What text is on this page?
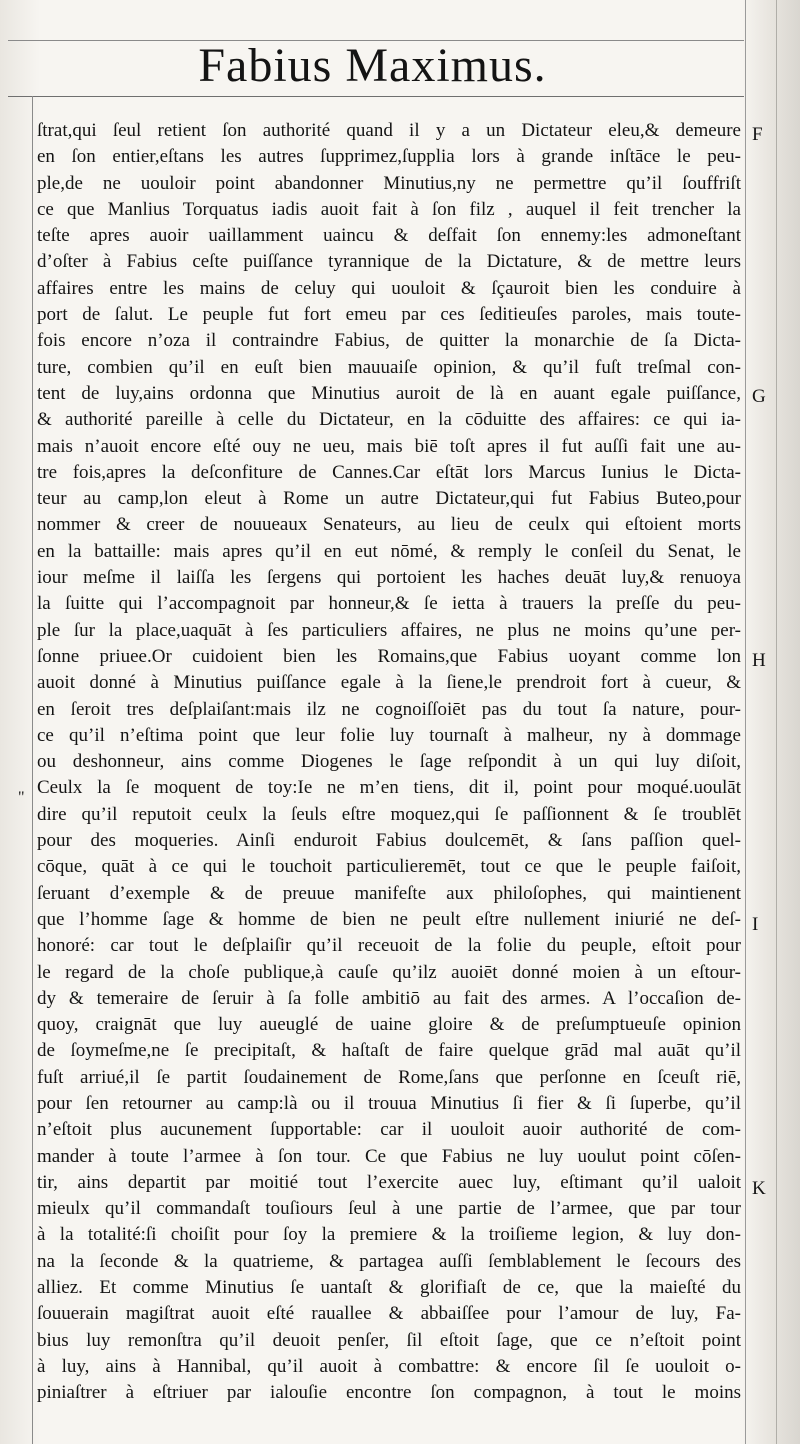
Fabius Maximus.
ſtrat,qui ſeul retient ſon authorité quand il y a un Dictateur eleu,& demeure
en ſon entier,eſtans les autres ſupprimez,ſupplia lors à grande inſtāce le peu-
ple,de ne uouloir point abandonner Minutius,ny ne permettre qu’il ſouffriſt
ce que Manlius Torquatus iadis auoit fait à ſon filz , auquel il feit trencher la
teſte apres auoir uaillamment uaincu & deſfait ſon ennemy:les admoneſtant
d’oſter à Fabius ceſte puiſſance tyrannique de la Dictature, & de mettre leurs
affaires entre les mains de celuy qui uouloit & ſçauroit bien les conduire à
port de ſalut. Le peuple fut fort emeu par ces ſeditieuſes paroles, mais toute-
fois encore n’oza il contraindre Fabius, de quitter la monarchie de ſa Dicta-
ture, combien qu’il en euſt bien mauuaiſe opinion, & qu’il fuſt treſmal con-
tent de luy,ains ordonna que Minutius auroit de là en auant egale puiſſance,
& authorité pareille à celle du Dictateur, en la cōduitte des affaires: ce qui ia-
mais n’auoit encore eſté ouy ne ueu, mais biē toſt apres il fut auſſi fait une au-
tre fois,apres la deſconfiture de Cannes.Car eſtāt lors Marcus Iunius le Dicta-
teur au camp,lon eleut à Rome un autre Dictateur,qui fut Fabius Buteo,pour
nommer & creer de nouueaux Senateurs, au lieu de ceulx qui eſtoient morts
en la battaille: mais apres qu’il en eut nōmé, & remply le conſeil du Senat, le
iour meſme il laiſſa les ſergens qui portoient les haches deuāt luy,& renuoya
la ſuitte qui l’accompagnoit par honneur,& ſe ietta à trauers la preſſe du peu-
ple ſur la place,uaquāt à ſes particuliers affaires, ne plus ne moins qu’une per-
ſonne priuee.Or cuidoient bien les Romains,que Fabius uoyant comme lon
auoit donné à Minutius puiſſance egale à la ſiene,le prendroit fort à cueur, &
en ſeroit tres deſplaiſant:mais ilz ne cognoiſſoiēt pas du tout ſa nature, pour-
ce qu’il n’eſtima point que leur folie luy tournaſt à malheur, ny à dommage
ou deshonneur, ains comme Diogenes le ſage reſpondit à un qui luy diſoit,
Ceulx la ſe moquent de toy:Ie ne m’en tiens, dit il, point pour moqué.uoulāt
dire qu’il reputoit ceulx la ſeuls eſtre moquez,qui ſe paſſionnent & ſe troublēt
pour des moqueries. Ainſi enduroit Fabius doulcemēt, & ſans paſſion quel-
cōque, quāt à ce qui le touchoit particulieremēt, tout ce que le peuple faiſoit,
ſeruant d’exemple & de preuue manifeſte aux philoſophes, qui maintienent
que l’homme ſage & homme de bien ne peult eſtre nullement iniurié ne deſ-
honoré: car tout le deſplaiſir qu’il receuoit de la folie du peuple, eſtoit pour
le regard de la choſe publique,à cauſe qu’ilz auoiēt donné moien à un eſtour-
dy & temeraire de ſeruir à ſa folle ambitiō au fait des armes. A l’occaſion de-
quoy, craignāt que luy aueuglé de uaine gloire & de preſumptueuſe opinion
de ſoymeſme,ne ſe precipitaſt, & haſtaſt de faire quelque grād mal auāt qu’il
fuſt arriué,il ſe partit ſoudainement de Rome,ſans que perſonne en ſceuſt riē,
pour ſen retourner au camp:là ou il trouua Minutius ſi fier & ſi ſuperbe, qu’il
n’eſtoit plus aucunement ſupportable: car il uouloit auoir authorité de com-
mander à toute l’armee à ſon tour. Ce que Fabius ne luy uoulut point cōſen-
tir, ains departit par moitié tout l’exercite auec luy, eſtimant qu’il ualoit
mieulx qu’il commandaſt touſiours ſeul à une partie de l’armee, que par tour
à la totalité:ſi choiſit pour ſoy la premiere & la troiſieme legion, & luy don-
na la ſeconde & la quatrieme, & partagea auſſi ſemblablement le ſecours des
alliez. Et comme Minutius ſe uantaſt & glorifiaſt de ce, que la maieſté du
ſouuerain magiſtrat auoit eſté rauallee & abbaiſſee pour l’amour de luy, Fa-
bius luy remonſtra qu’il deuoit penſer, ſil eſtoit ſage, que ce n’eſtoit point
à luy, ains à Hannibal, qu’il auoit à combattre: & encore ſil ſe uouloit o-
piniaſtrer à eſtriuer par ialouſie encontre ſon compagnon, à tout le moins
"
F
G
H
I
K
